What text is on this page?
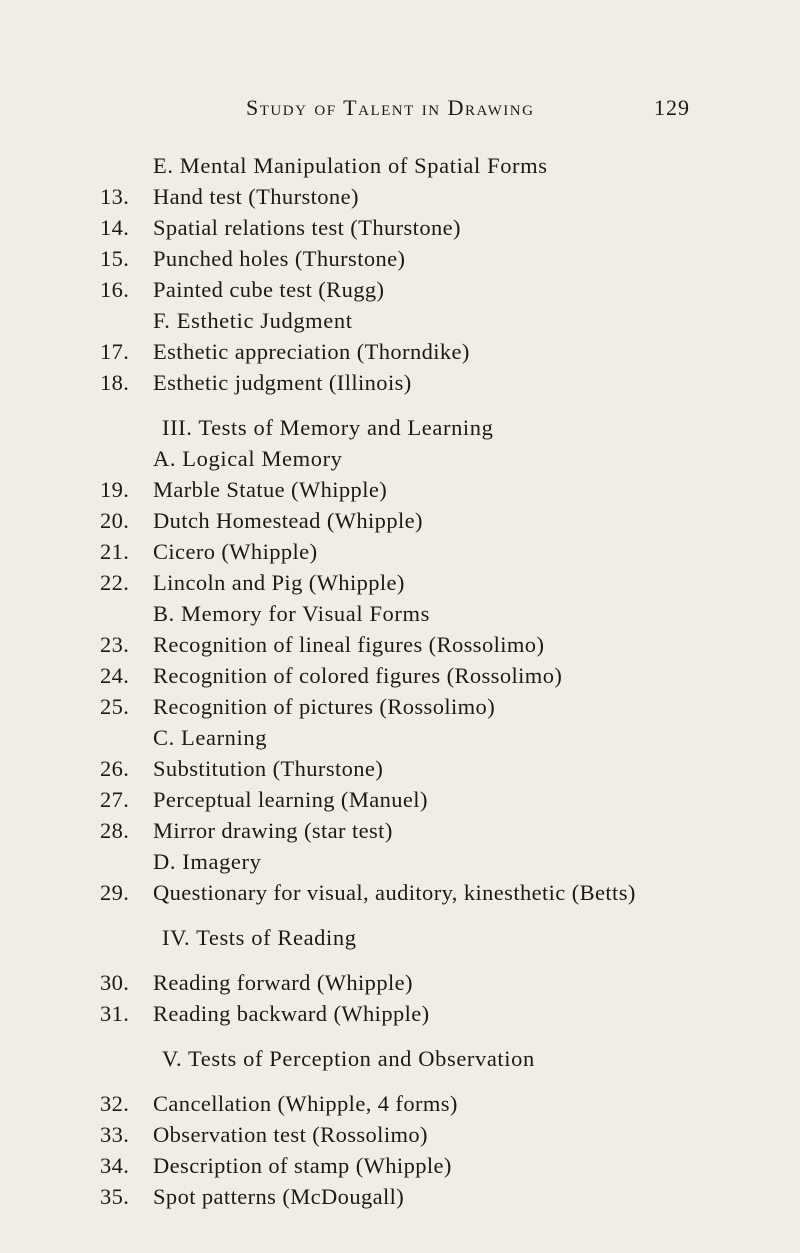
Study of Talent in Drawing	129
E. Mental Manipulation of Spatial Forms
13. Hand test (Thurstone)
14. Spatial relations test (Thurstone)
15. Punched holes (Thurstone)
16. Painted cube test (Rugg)
F. Esthetic Judgment
17. Esthetic appreciation (Thorndike)
18. Esthetic judgment (Illinois)
III. Tests of Memory and Learning
A. Logical Memory
19. Marble Statue (Whipple)
20. Dutch Homestead (Whipple)
21. Cicero (Whipple)
22. Lincoln and Pig (Whipple)
B. Memory for Visual Forms
23. Recognition of lineal figures (Rossolimo)
24. Recognition of colored figures (Rossolimo)
25. Recognition of pictures (Rossolimo)
C. Learning
26. Substitution (Thurstone)
27. Perceptual learning (Manuel)
28. Mirror drawing (star test)
D. Imagery
29. Questionary for visual, auditory, kinesthetic (Betts)
IV. Tests of Reading
30. Reading forward (Whipple)
31. Reading backward (Whipple)
V. Tests of Perception and Observation
32. Cancellation (Whipple, 4 forms)
33. Observation test (Rossolimo)
34. Description of stamp (Whipple)
35. Spot patterns (McDougall)
